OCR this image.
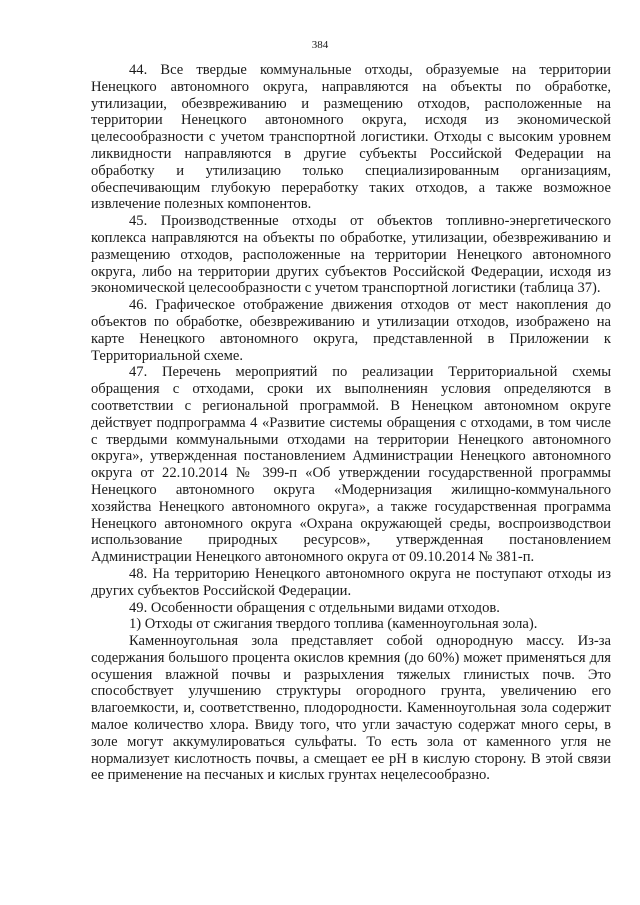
384

44. Все твердые коммунальные отходы, образуемые на территории Ненецкого автономного округа, направляются на объекты по обработке, утилизации, обезвреживанию и размещению отходов, расположенные на территории Ненецкого автономного округа, исходя из экономической целесообразности с учетом транспортной логистики. Отходы с высоким уровнем ликвидности направляются в другие субъекты Российской Федерации на обработку и утилизацию только специализированным организациям, обеспечивающим глубокую переработку таких отходов, а также возможное извлечение полезных компонентов.

45. Производственные отходы от объектов топливно-энергетического коплекса направляются на объекты по обработке, утилизации, обезвреживанию и размещению отходов, расположенные на территории Ненецкого автономного округа, либо на территории других субъектов Российской Федерации, исходя из экономической целесообразности с учетом транспортной логистики (таблица 37).

46. Графическое отображение движения отходов от мест накопления до объектов по обработке, обезвреживанию и утилизации отходов, изображено на карте Ненецкого автономного округа, представленной в Приложении к Территориальной схеме.

47. Перечень мероприятий по реализации Территориальной схемы обращения с отходами, сроки их выполнениян условия определяются в соответствии с региональной программой. В Ненецком автономном округе действует подпрограмма 4 «Развитие системы обращения с отходами, в том числе с твердыми коммунальными отходами на территории Ненецкого автономного округа», утвержденная постановлением Администрации Ненецкого автономного округа от 22.10.2014 № 399-п «Об утверждении государственной программы Ненецкого автономного округа «Модернизация жилищно-коммунального хозяйства Ненецкого автономного округа», а также государственная программа Ненецкого автономного округа «Охрана окружающей среды, воспроизводствои использование природных ресурсов», утвержденная постановлением Администрации Ненецкого автономного округа от 09.10.2014 № 381-п.

48. На территорию Ненецкого автономного округа не поступают отходы из других субъектов Российской Федерации.

49. Особенности обращения с отдельными видами отходов.

1) Отходы от сжигания твердого топлива (каменноугольная зола).

Каменноугольная зола представляет собой однородную массу. Из-за содержания большого процента окислов кремния (до 60%) может применяться для осушения влажной почвы и разрыхления тяжелых глинистых почв. Это способствует улучшению структуры огородного грунта, увеличению его влагоемкости, и, соответственно, плодородности. Каменноугольная зола содержит малое количество хлора. Ввиду того, что угли зачастую содержат много серы, в золе могут аккумулироваться сульфаты. То есть зола от каменного угля не нормализует кислотность почвы, а смещает ее pH в кислую сторону. В этой связи ее применение на песчаных и кислых грунтах нецелесообразно.
